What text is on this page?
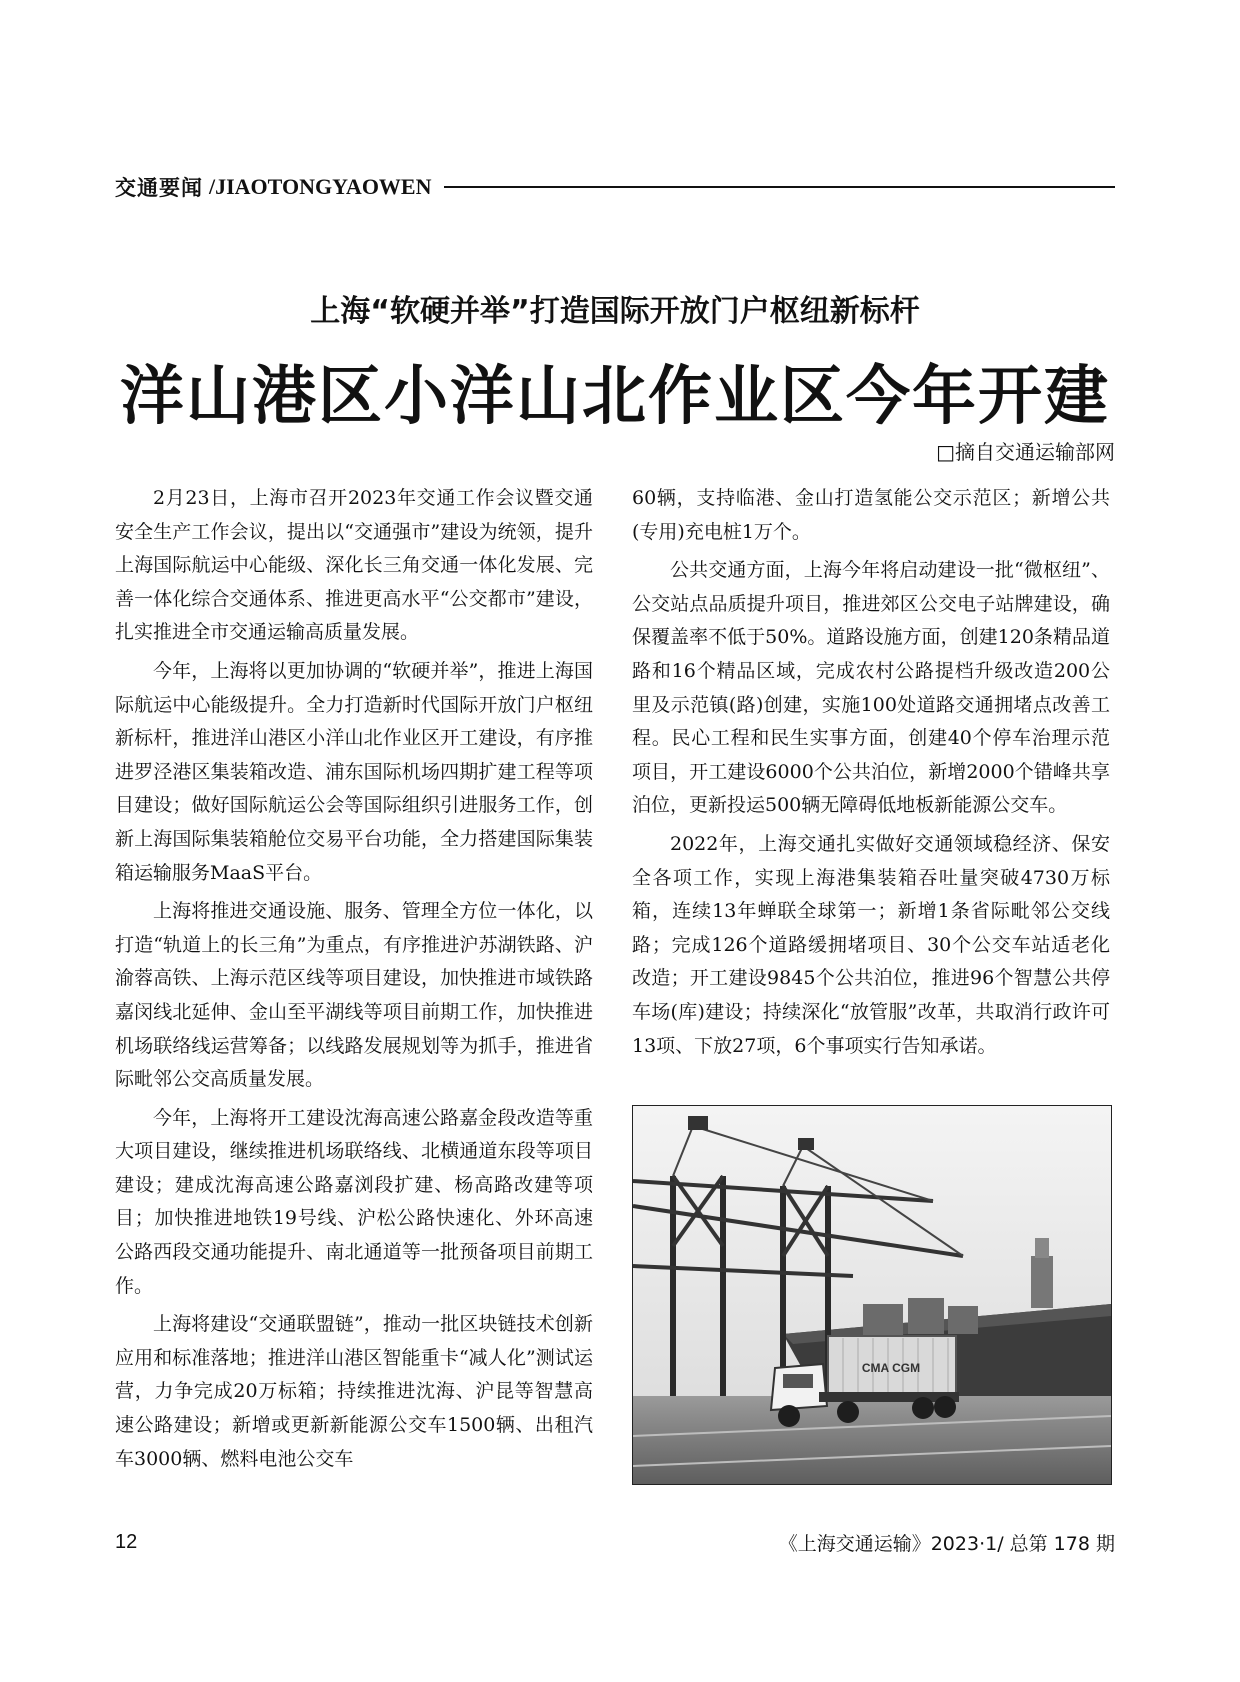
交通要闻 /JIAOTONGYAOWEN
上海“软硬并举”打造国际开放门户枢纽新标杆
洋山港区小洋山北作业区今年开建
□摘自交通运输部网

2月23日，上海市召开2023年交通工作会议暨交通安全生产工作会议，提出以“交通强市”建设为统领，提升上海国际航运中心能级、深化长三角交通一体化发展、完善一体化综合交通体系、推进更高水平“公交都市”建设，扎实推进全市交通运输高质量发展。

今年，上海将以更加协调的“软硬并举”，推进上海国际航运中心能级提升。全力打造新时代国际开放门户枢纽新标杆，推进洋山港区小洋山北作业区开工建设，有序推进罗泾港区集装箱改造、浦东国际机场四期扩建工程等项目建设；做好国际航运公会等国际组织引进服务工作，创新上海国际集装箱舱位交易平台功能，全力搭建国际集装箱运输服务MaaS平台。

上海将推进交通设施、服务、管理全方位一体化，以打造“轨道上的长三角”为重点，有序推进沪苏湖铁路、沪渝蓉高铁、上海示范区线等项目建设，加快推进市域铁路嘉闵线北延伸、金山至平湖线等项目前期工作，加快推进机场联络线运营筹备；以线路发展规划等为抓手，推进省际毗邻公交高质量发展。

今年，上海将开工建设沈海高速公路嘉金段改造等重大项目建设，继续推进机场联络线、北横通道东段等项目建设；建成沈海高速公路嘉浏段扩建、杨高路改建等项目；加快推进地铁19号线、沪松公路快速化、外环高速公路西段交通功能提升、南北通道等一批预备项目前期工作。

上海将建设“交通联盟链”，推动一批区块链技术创新应用和标准落地；推进洋山港区智能重卡“减人化”测试运营，力争完成20万标箱；持续推进沈海、沪昆等智慧高速公路建设；新增或更新新能源公交车1500辆、出租汽车3000辆、燃料电池公交车

60辆，支持临港、金山打造氢能公交示范区；新增公共(专用)充电桩1万个。

公共交通方面，上海今年将启动建设一批“微枢纽”、公交站点品质提升项目，推进郊区公交电子站牌建设，确保覆盖率不低于50%。道路设施方面，创建120条精品道路和16个精品区域，完成农村公路提档升级改造200公里及示范镇(路)创建，实施100处道路交通拥堵点改善工程。民心工程和民生实事方面，创建40个停车治理示范项目，开工建设6000个公共泊位，新增2000个错峰共享泊位，更新投运500辆无障碍低地板新能源公交车。

2022年，上海交通扎实做好交通领域稳经济、保安全各项工作，实现上海港集装箱吞吐量突破4730万标箱，连续13年蝉联全球第一；新增1条省际毗邻公交线路；完成126个道路缓拥堵项目、30个公交车站适老化改造；开工建设9845个公共泊位，推进96个智慧公共停车场(库)建设；持续深化“放管服”改革，共取消行政许可13项、下放27项，6个事项实行告知承诺。

CMA CGM
12	《上海交通运输》2023·1/ 总第 178 期
